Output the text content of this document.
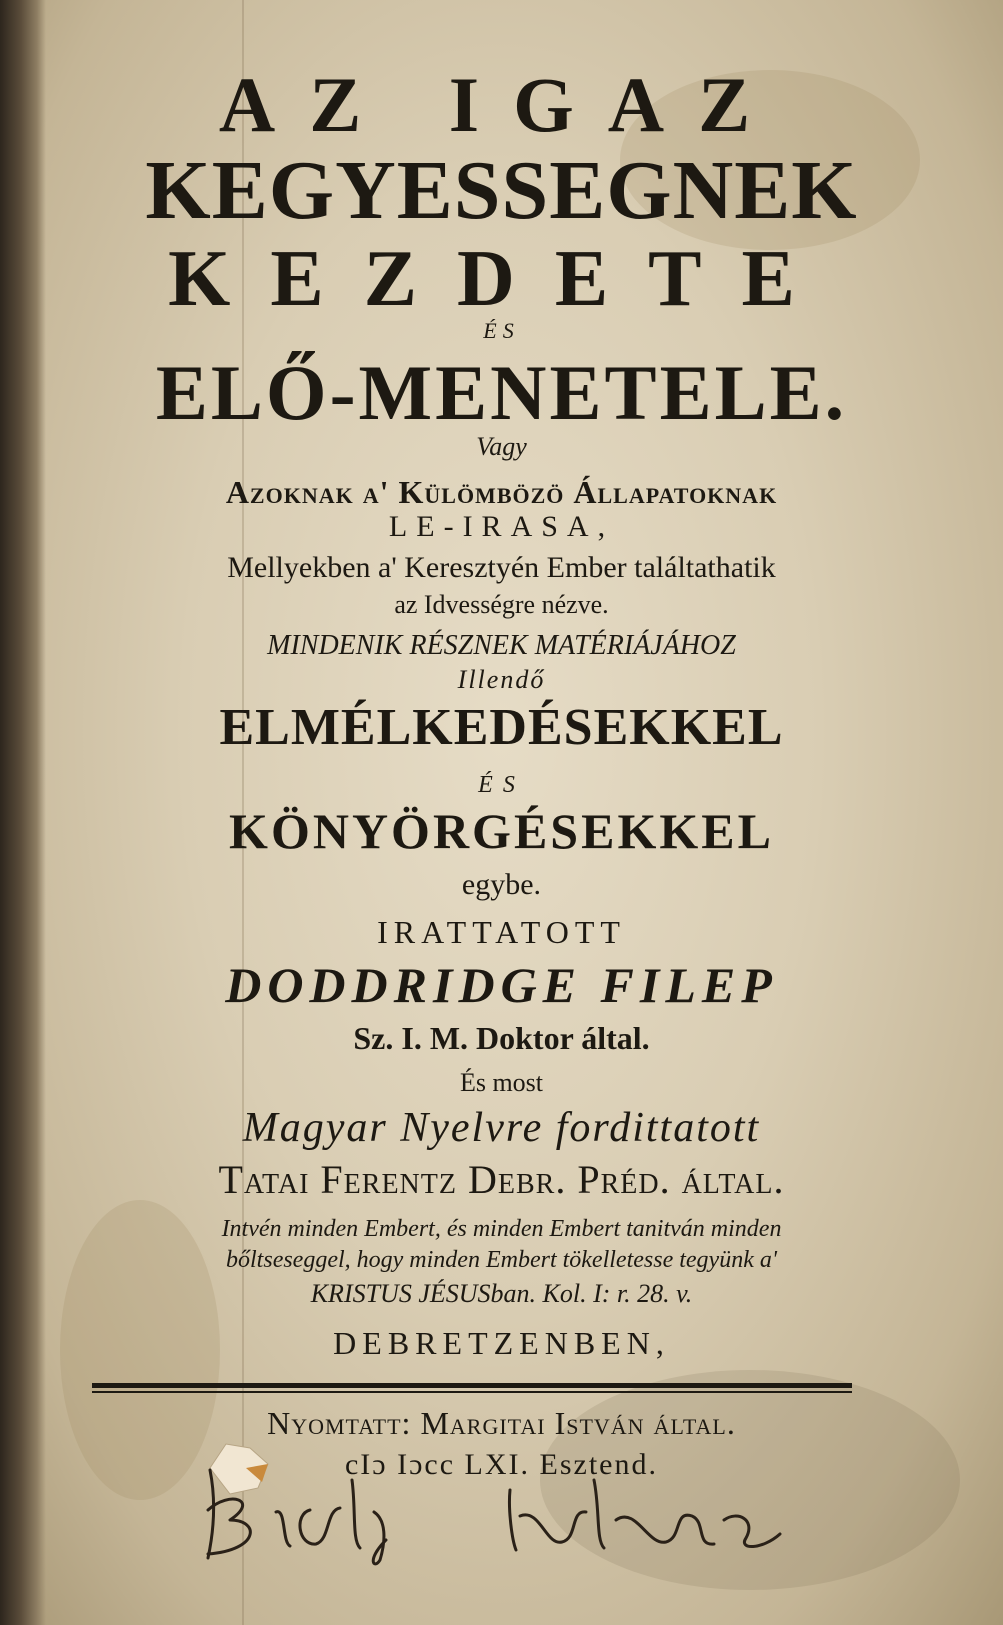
AZ IGAZ
KEGYESSEGNEK
KEZDETE
ÉS
ELŐ-MENETELE.
Vagy
Azoknak a' Külömbözö Állapatoknak
LE-IRASA,
Mellyekben a' Keresztyén Ember találtathatik
az Idvességre nézve.
MINDENIK RÉSZNEK MATÉRIÁJÁHOZ
Illendő
ELMÉLKEDÉSEKKEL
ÉS
KÖNYÖRGÉSEKKEL
egybe.
IRATTATOTT
DODDRIDGE FILEP
Sz. I. M. Doktor által.
És most
Magyar Nyelvre fordittatott
Tatai Ferentz Debr. Préd. által.
Intvén minden Embert, és minden Embert tanitván minden
bőltseseggel, hogy minden Embert tökelletesse tegyünk a'
KRISTUS JÉSUSban. Kol. I: r. 28. v.
DEBRETZENBEN,
Nyomtatt: Margitai István által.
cIɔ Iɔcc LXI. Esztend.
